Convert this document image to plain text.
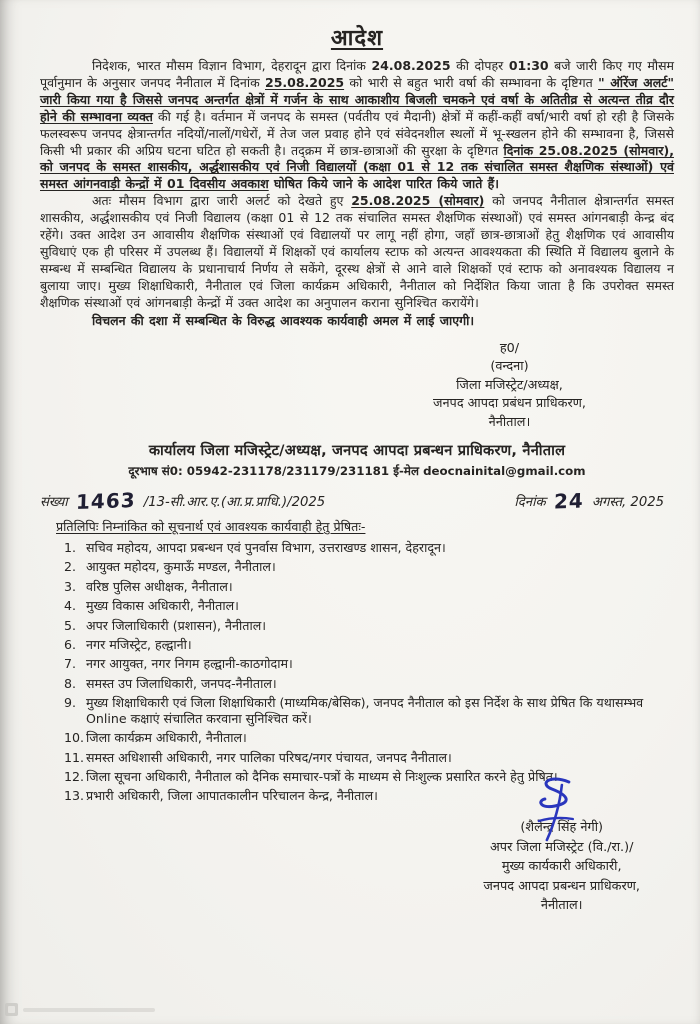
आदेश

निदेशक, भारत मौसम विज्ञान विभाग, देहरादून द्वारा दिनांक 24.08.2025 की दोपहर 01:30 बजे जारी किए गए मौसम पूर्वानुमान के अनुसार जनपद नैनीताल में दिनांक 25.08.2025 को भारी से बहुत भारी वर्षा की सम्भावना के दृष्टिगत " ऑरेंज अलर्ट" जारी किया गया है जिससे जनपद अन्तर्गत क्षेत्रों में गर्जन के साथ आकाशीय बिजली चमकने एवं वर्षा के अतितीव्र से अत्यन्त तीव्र दौर होने की सम्भावना व्यक्त की गई है। वर्तमान में जनपद के समस्त (पर्वतीय एवं मैदानी) क्षेत्रों में कहीं-कहीं वर्षा/भारी वर्षा हो रही है जिसके फलस्वरूप जनपद क्षेत्रान्तर्गत नदियों/नालों/गधेरों, में तेज जल प्रवाह होने एवं संवेदनशील स्थलों में भू-स्खलन होने की सम्भावना है, जिससे किसी भी प्रकार की अप्रिय घटना घटित हो सकती है। तद्क्रम में छात्र-छात्राओं की सुरक्षा के दृष्टिगत दिनांक 25.08.2025 (सोमवार), को जनपद के समस्त शासकीय, अर्द्धशासकीय एवं निजी विद्यालयों (कक्षा 01 से 12 तक संचालित समस्त शैक्षणिक संस्थाओं) एवं समस्त आंगनवाड़ी केन्द्रों में 01 दिवसीय अवकाश घोषित किये जाने के आदेश पारित किये जाते हैं।

अतः मौसम विभाग द्वारा जारी अलर्ट को देखते हुए 25.08.2025 (सोमवार) को जनपद नैनीताल क्षेत्रान्तर्गत समस्त शासकीय, अर्द्धशासकीय एवं निजी विद्यालय (कक्षा 01 से 12 तक संचालित समस्त शैक्षणिक संस्थाओं) एवं समस्त आंगनबाड़ी केन्द्र बंद रहेंगे। उक्त आदेश उन आवासीय शैक्षणिक संस्थाओं एवं विद्यालयों पर लागू नहीं होगा, जहाँ छात्र-छात्राओं हेतु शैक्षणिक एवं आवासीय सुविधाएं एक ही परिसर में उपलब्ध हैं। विद्यालयों में शिक्षकों एवं कार्यालय स्टाफ को अत्यन्त आवश्यकता की स्थिति में विद्यालय बुलाने के सम्बन्ध में सम्बन्धित विद्यालय के प्रधानाचार्य निर्णय ले सकेंगे, दूरस्थ क्षेत्रों से आने वाले शिक्षकों एवं स्टाफ को अनावश्यक विद्यालय न बुलाया जाए। मुख्य शिक्षाधिकारी, नैनीताल एवं जिला कार्यक्रम अधिकारी, नैनीताल को निर्देशित किया जाता है कि उपरोक्त समस्त शैक्षणिक संस्थाओं एवं आंगनबाड़ी केन्द्रों में उक्त आदेश का अनुपालन कराना सुनिश्चित करायेंगे।

विचलन की दशा में सम्बन्धित के विरुद्ध आवश्यक कार्यवाही अमल में लाई जाएगी।

ह0/
(वन्दना)
जिला मजिस्ट्रेट/अध्यक्ष,
जनपद आपदा प्रबंधन प्राधिकरण,
नैनीताल।
कार्यालय जिला मजिस्ट्रेट/अध्यक्ष, जनपद आपदा प्रबन्धन प्राधिकरण, नैनीताल
दूरभाष सं0: 05942-231178/231179/231181 ई-मेल deocnainital@gmail.com
संख्या 1463 /13-सी.आर.ए.(आ.प्र.प्राधि.)/2025	दिनांक 24 अगस्त, 2025
प्रतिलिपिः निम्नांकित को सूचनार्थ एवं आवश्यक कार्यवाही हेतु प्रेषितः-
1. सचिव महोदय, आपदा प्रबन्धन एवं पुनर्वास विभाग, उत्तराखण्ड शासन, देहरादून।
2. आयुक्त महोदय, कुमाऊँ मण्डल, नैनीताल।
3. वरिष्ठ पुलिस अधीक्षक, नैनीताल।
4. मुख्य विकास अधिकारी, नैनीताल।
5. अपर जिलाधिकारी (प्रशासन), नैनीताल।
6. नगर मजिस्ट्रेट, हल्द्वानी।
7. नगर आयुक्त, नगर निगम हल्द्वानी-काठगोदाम।
8. समस्त उप जिलाधिकारी, जनपद-नैनीताल।
9. मुख्य शिक्षाधिकारी एवं जिला शिक्षाधिकारी (माध्यमिक/बेसिक), जनपद नैनीताल को इस निर्देश के साथ प्रेषित कि यथासम्भव Online कक्षाएं संचालित करवाना सुनिश्चित करें।
10. जिला कार्यक्रम अधिकारी, नैनीताल।
11. समस्त अधिशासी अधिकारी, नगर पालिका परिषद/नगर पंचायत, जनपद नैनीताल।
12. जिला सूचना अधिकारी, नैनीताल को दैनिक समाचार-पत्रों के माध्यम से निःशुल्क प्रसारित करने हेतु प्रेषित।
13. प्रभारी अधिकारी, जिला आपातकालीन परिचालन केन्द्र, नैनीताल।
(शैलेन्द्र सिंह नेगी)
अपर जिला मजिस्ट्रेट (वि./रा.)/
मुख्य कार्यकारी अधिकारी,
जनपद आपदा प्रबन्धन प्राधिकरण,
नैनीताल।
